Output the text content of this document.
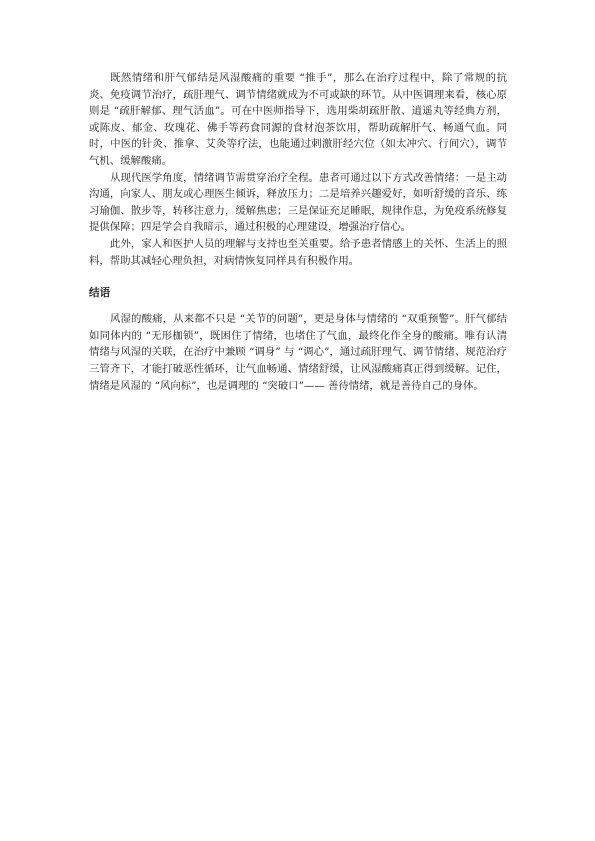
既然情绪和肝气郁结是风湿酸痛的重要 “推手”，那么在治疗过程中，除了常规的抗炎、免疫调节治疗，疏肝理气、调节情绪就成为不可或缺的环节。从中医调理来看，核心原则是 “疏肝解郁、理气活血”。可在中医师指导下，选用柴胡疏肝散、逍遥丸等经典方剂，或陈皮、郁金、玫瑰花、佛手等药食同源的食材泡茶饮用，帮助疏解肝气、畅通气血。同时，中医的针灸、推拿、艾灸等疗法，也能通过刺激肝经穴位（如太冲穴、行间穴），调节气机、缓解酸痛。

从现代医学角度，情绪调节需贯穿治疗全程。患者可通过以下方式改善情绪：一是主动沟通，向家人、朋友或心理医生倾诉，释放压力；二是培养兴趣爱好，如听舒缓的音乐、练习瑜伽、散步等，转移注意力，缓解焦虑；三是保证充足睡眠，规律作息，为免疫系统修复提供保障；四是学会自我暗示，通过积极的心理建设，增强治疗信心。

此外，家人和医护人员的理解与支持也至关重要。给予患者情感上的关怀、生活上的照料，帮助其减轻心理负担，对病情恢复同样具有积极作用。

结语

风湿的酸痛，从来都不只是 “关节的问题”，更是身体与情绪的 “双重预警”。肝气郁结如同体内的 “无形枷锁”，既困住了情绪，也堵住了气血，最终化作全身的酸痛。唯有认清情绪与风湿的关联，在治疗中兼顾 “调身” 与 “调心”，通过疏肝理气、调节情绪、规范治疗三管齐下，才能打破恶性循环，让气血畅通、情绪舒缓，让风湿酸痛真正得到缓解。记住，情绪是风湿的 “风向标”，也是调理的 “突破口”—— 善待情绪，就是善待自己的身体。
